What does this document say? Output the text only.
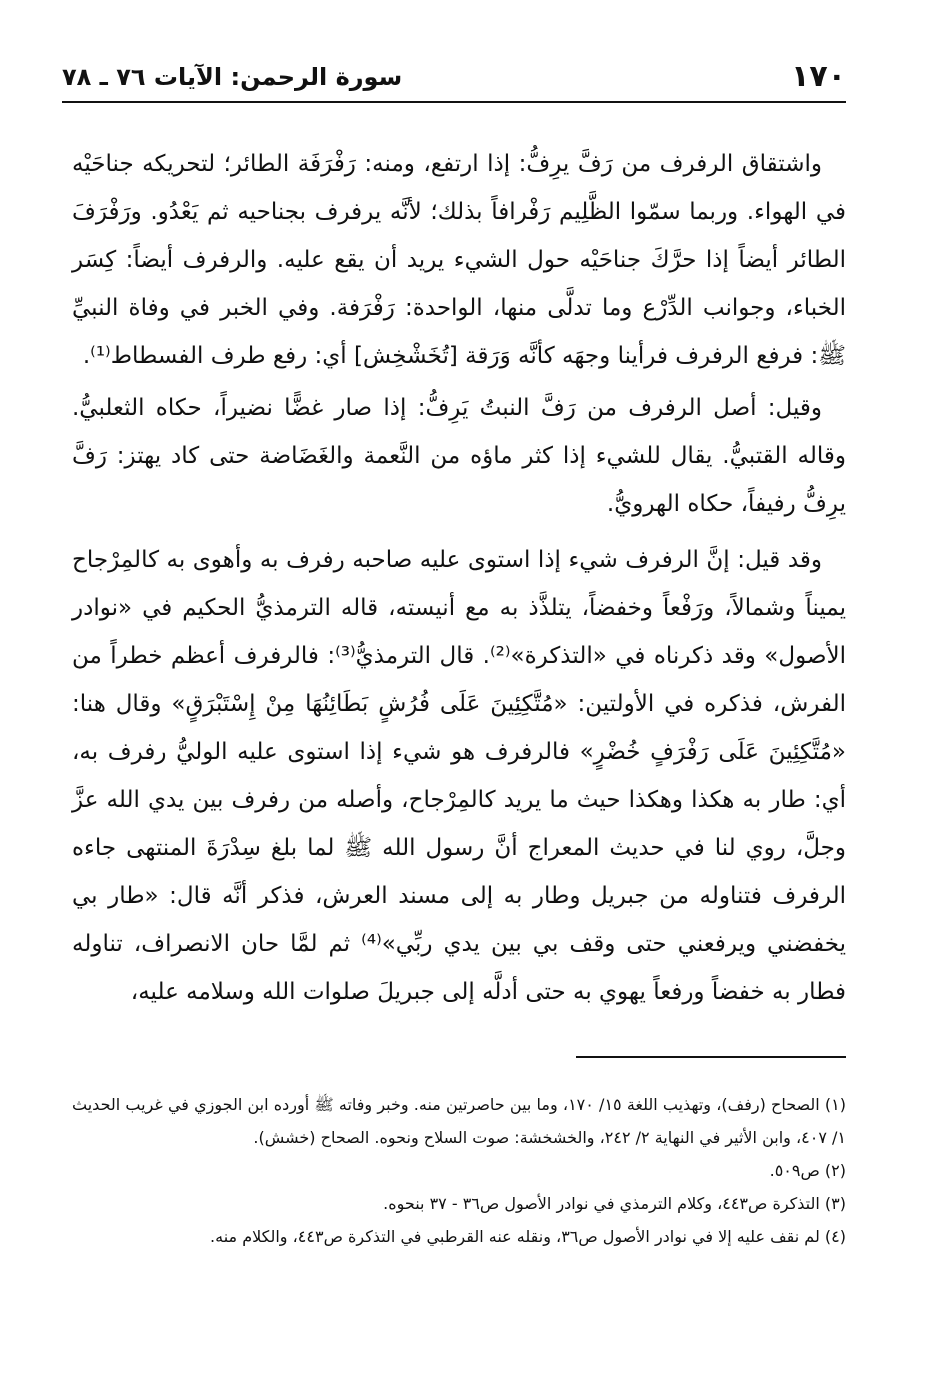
١٧٠
سورة الرحمن: الآيات ٧٦ ـ ٧٨

واشتقاق الرفرف من رَفَّ يرِفُّ: إذا ارتفع، ومنه: رَفْرَفَة الطائر؛ لتحريكه جناحَيْه في الهواء. وربما سمّوا الظَّلِيم رَفْرافاً بذلك؛ لأنَّه يرفرف بجناحيه ثم يَعْدُو. ورَفْرَفَ الطائر أيضاً إذا حرَّكَ جناحَيْه حول الشيء يريد أن يقع عليه. والرفرف أيضاً: كِسَر الخباء، وجوانب الدِّرْع وما تدلَّى منها، الواحدة: رَفْرَفة. وفي الخبر في وفاة النبيِّ ﷺ: فرفع الرفرف فرأينا وجهَه كأنَّه وَرَقة [تُخَشْخِش] أي: رفع طرف الفسطاط⁽¹⁾.

وقيل: أصل الرفرف من رَفَّ النبتُ يَرِفُّ: إذا صار غضًّا نضيراً، حكاه الثعلبيُّ. وقاله القتبيُّ. يقال للشيء إذا كثر ماؤه من النَّعمة والغَضَاضة حتى كاد يهتز: رَفَّ يرِفُّ رفيفاً، حكاه الهرويُّ.

وقد قيل: إنَّ الرفرف شيء إذا استوى عليه صاحبه رفرف به وأهوى به كالمِرْجاح يميناً وشمالاً، ورَفْعاً وخفضاً، يتلذَّذ به مع أنيسته، قاله الترمذيُّ الحكيم في «نوادر الأصول» وقد ذكرناه في «التذكرة»⁽²⁾. قال الترمذيُّ⁽³⁾: فالرفرف أعظم خطراً من الفرش، فذكره في الأولتين: «مُتَّكِئِينَ عَلَى فُرُشٍ بَطَائِنُهَا مِنْ إِسْتَبْرَقٍ» وقال هنا: «مُتَّكِئِينَ عَلَى رَفْرَفٍ خُضْرٍ» فالرفرف هو شيء إذا استوى عليه الوليُّ رفرف به، أي: طار به هكذا وهكذا حيث ما يريد كالمِرْجاح، وأصله من رفرف بين يدي الله عزَّ وجلَّ، روي لنا في حديث المعراج أنَّ رسول الله ﷺ لما بلغ سِدْرَةَ المنتهى جاءه الرفرف فتناوله من جبريل وطار به إلى مسند العرش، فذكر أنَّه قال: «طار بي يخفضني ويرفعني حتى وقف بي بين يدي ربِّي»⁽⁴⁾ ثم لمَّا حان الانصراف، تناوله فطار به خفضاً ورفعاً يهوي به حتى أدلَّه إلى جبريلَ صلوات الله وسلامه عليه،

(١) الصحاح (رفف)، وتهذيب اللغة ١٥/ ١٧٠، وما بين حاصرتين منه. وخبر وفاته ﷺ أورده ابن الجوزي في غريب الحديث ١/ ٤٠٧، وابن الأثير في النهاية ٢/ ٢٤٢، والخشخشة: صوت السلاح ونحوه. الصحاح (خشش).

(٢) ص٥٠٩.

(٣) التذكرة ص٤٤٣، وكلام الترمذي في نوادر الأصول ص٣٦ - ٣٧ بنحوه.

(٤) لم نقف عليه إلا في نوادر الأصول ص٣٦، ونقله عنه القرطبي في التذكرة ص٤٤٣، والكلام منه.
